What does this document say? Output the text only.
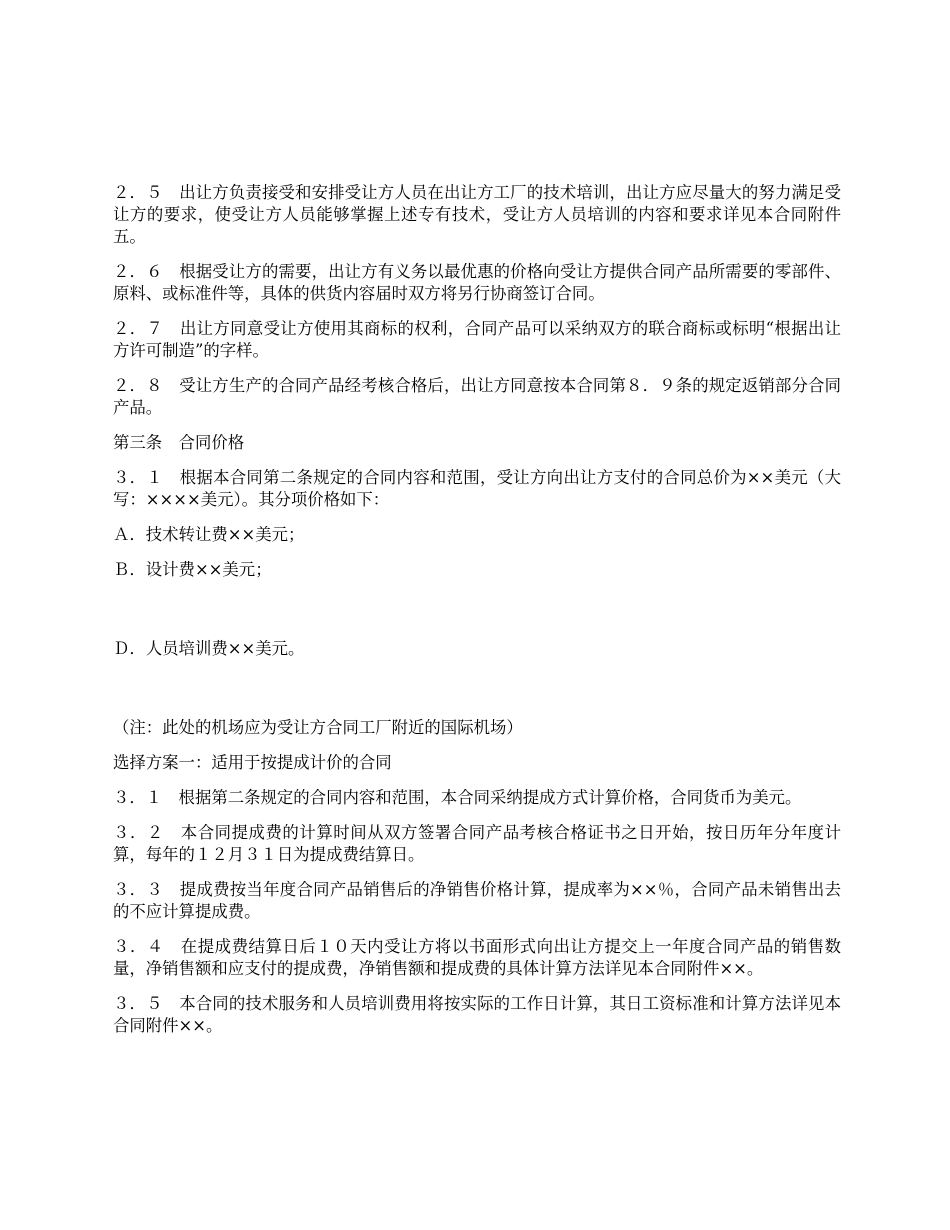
２．５　出让方负责接受和安排受让方人员在出让方工厂的技术培训，出让方应尽量大的努力满足受让方的要求，使受让方人员能够掌握上述专有技术，受让方人员培训的内容和要求详见本合同附件五。

２．６　根据受让方的需要，出让方有义务以最优惠的价格向受让方提供合同产品所需要的零部件、原料、或标准件等，具体的供货内容届时双方将另行协商签订合同。

２．７　出让方同意受让方使用其商标的权利，合同产品可以采纳双方的联合商标或标明“根据出让方许可制造”的字样。

２．８　受让方生产的合同产品经考核合格后，出让方同意按本合同第８．９条的规定返销部分合同产品。

第三条　合同价格

３．１　根据本合同第二条规定的合同内容和范围，受让方向出让方支付的合同总价为××美元（大写：××××美元）。其分项价格如下：

Ａ．技术转让费××美元；

Ｂ．设计费××美元；

Ｄ．人员培训费××美元。

（注：此处的机场应为受让方合同工厂附近的国际机场）

选择方案一：适用于按提成计价的合同

３．１　根据第二条规定的合同内容和范围，本合同采纳提成方式计算价格，合同货币为美元。

３．２　本合同提成费的计算时间从双方签署合同产品考核合格证书之日开始，按日历年分年度计算，每年的１２月３１日为提成费结算日。

３．３　提成费按当年度合同产品销售后的净销售价格计算，提成率为××％，合同产品未销售出去的不应计算提成费。

３．４　在提成费结算日后１０天内受让方将以书面形式向出让方提交上一年度合同产品的销售数量，净销售额和应支付的提成费，净销售额和提成费的具体计算方法详见本合同附件××。

３．５　本合同的技术服务和人员培训费用将按实际的工作日计算，其日工资标准和计算方法详见本合同附件××。
